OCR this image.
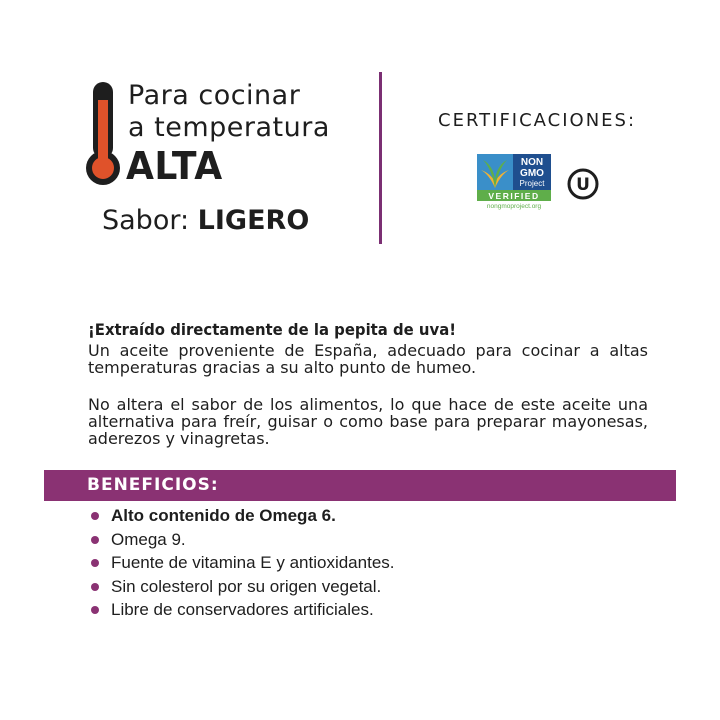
Para cocinar
a temperatura
ALTA
Sabor: LIGERO
CERTIFICACIONES:
NON
GMO
Project
VERIFIED
nongmoproject.org
U
¡Extraído directamente de la pepita de uva!
Un aceite proveniente de España, adecuado para cocinar a altas temperaturas gracias a su alto punto de humeo.
No altera el sabor de los alimentos, lo que hace de este aceite una alternativa para freír, guisar o como base para preparar mayonesas, aderezos y vinagretas.
BENEFICIOS:
Alto contenido de Omega 6.
Omega 9.
Fuente de vitamina E y antioxidantes.
Sin colesterol por su origen vegetal.
Libre de conservadores artificiales.
